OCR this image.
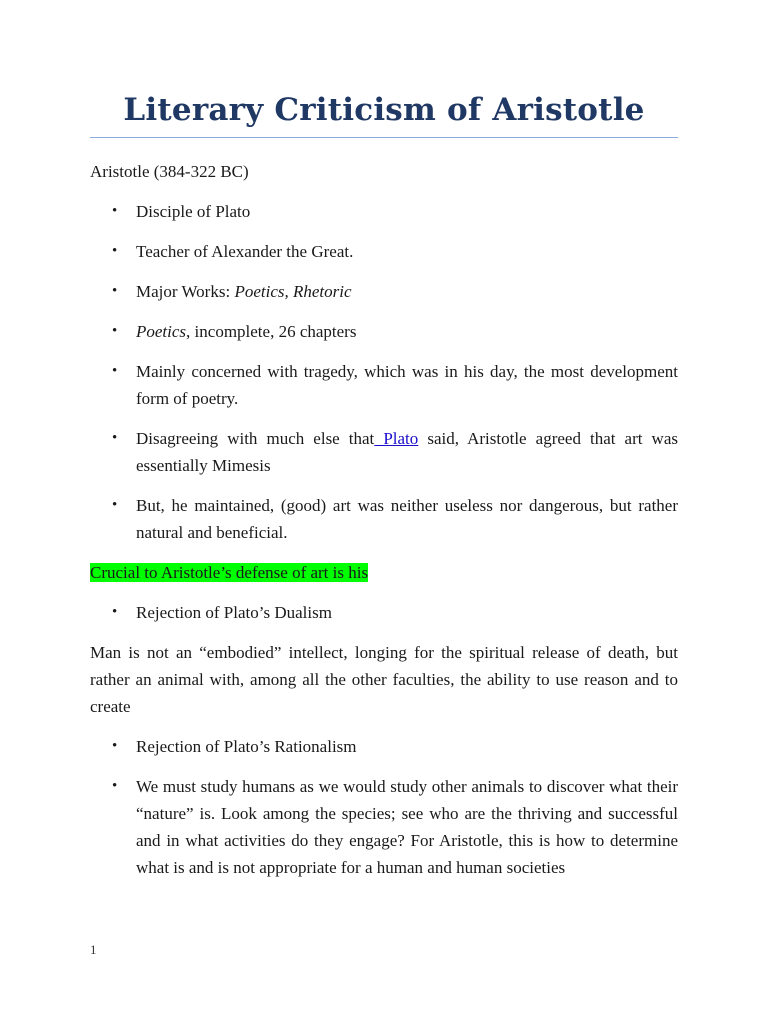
Literary Criticism of Aristotle

Aristotle (384-322 BC)

• Disciple of Plato
• Teacher of Alexander the Great.
• Major Works: Poetics, Rhetoric
• Poetics, incomplete, 26 chapters
• Mainly concerned with tragedy, which was in his day, the most development form of poetry.
• Disagreeing with much else that Plato said, Aristotle agreed that art was essentially Mimesis
• But, he maintained, (good) art was neither useless nor dangerous, but rather natural and beneficial.

Crucial to Aristotle’s defense of art is his

• Rejection of Plato’s Dualism

Man is not an “embodied” intellect, longing for the spiritual release of death, but rather an animal with, among all the other faculties, the ability to use reason and to create

• Rejection of Plato’s Rationalism
• We must study humans as we would study other animals to discover what their “nature” is. Look among the species; see who are the thriving and successful and in what activities do they engage? For Aristotle, this is how to determine what is and is not appropriate for a human and human societies
1
